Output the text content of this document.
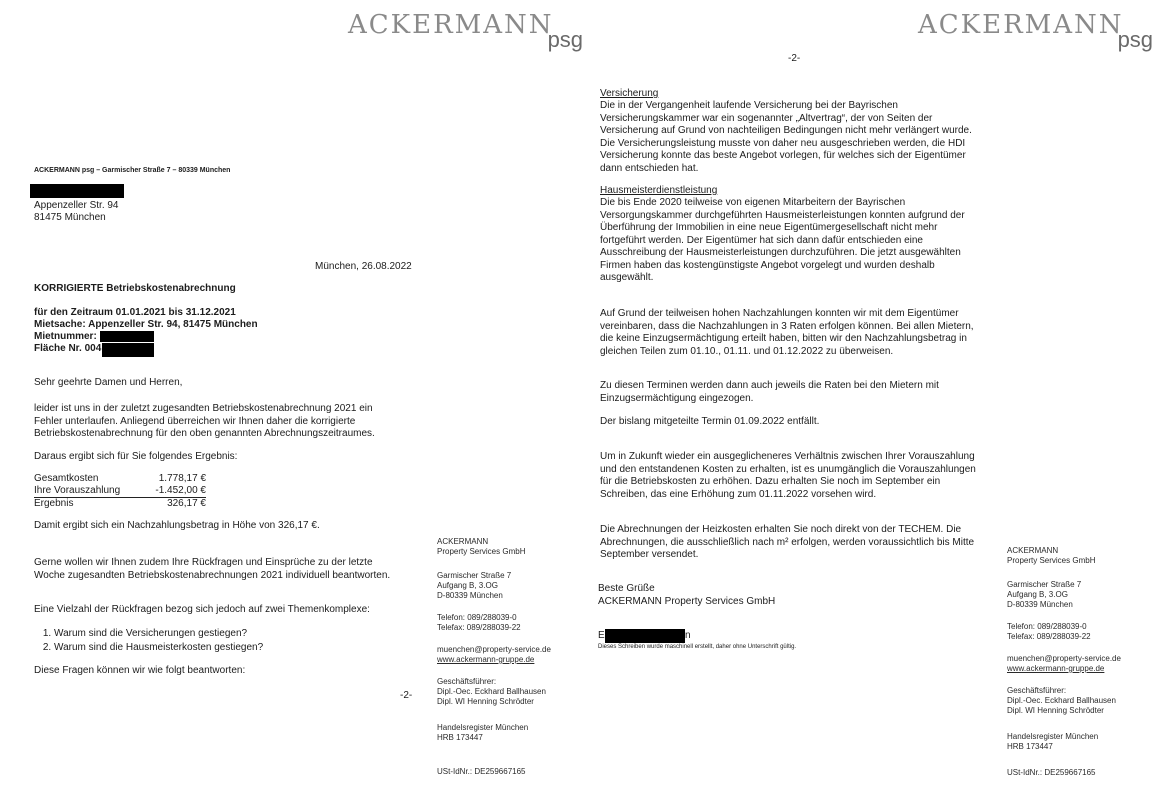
$ACKERMANN_{psg}$	$ACKERMANN_{psg}$
ACKERMANN psg – Garmischer Straße 7 – 80339 München
Appenzeller Str. 94
81475 München
München, 26.08.2022
KORRIGIERTE Betriebskostenabrechnung
für den Zeitraum 01.01.2021 bis 31.12.2021
Mietsache: Appenzeller Str. 94, 81475 München
Mietnummer:
Fläche Nr. 004
Sehr geehrte Damen und Herren,

leider ist uns in der zuletzt zugesandten Betriebskostenabrechnung 2021 ein Fehler unterlaufen. Anliegend überreichen wir Ihnen daher die korrigierte Betriebskostenabrechnung für den oben genannten Abrechnungszeitraumes.

Daraus ergibt sich für Sie folgendes Ergebnis:
Gesamtkosten	1.778,17 €
Ihre Vorauszahlung	-1.452,00 €
Ergebnis	326,17 €
Damit ergibt sich ein Nachzahlungsbetrag in Höhe von 326,17 €.

Gerne wollen wir Ihnen zudem Ihre Rückfragen und Einsprüche zu der letzte Woche zugesandten Betriebskostenabrechnungen 2021 individuell beantworten.

Eine Vielzahl der Rückfragen bezog sich jedoch auf zwei Themenkomplexe:
1. Warum sind die Versicherungen gestiegen?
2. Warum sind die Hausmeisterkosten gestiegen?
Diese Fragen können wir wie folgt beantworten:
-2-
ACKERMANN
Property Services GmbH
Garmischer Straße 7
Aufgang B, 3.OG
D-80339 München
Telefon: 089/288039-0
Telefax: 089/288039-22
muenchen@property-service.de
www.ackermann-gruppe.de
Geschäftsführer:
Dipl.-Oec. Eckhard Ballhausen
Dipl. WI Henning Schrödter
Handelsregister München
HRB 173447
USt-IdNr.: DE259667165
-2-
Versicherung

Die in der Vergangenheit laufende Versicherung bei der Bayrischen Versicherungskammer war ein sogenannter „Altvertrag“, der von Seiten der Versicherung auf Grund von nachteiligen Bedingungen nicht mehr verlängert wurde. Die Versicherungsleistung musste von daher neu ausgeschrieben werden, die HDI Versicherung konnte das beste Angebot vorlegen, für welches sich der Eigentümer dann entschieden hat.

Hausmeisterdienstleistung

Die bis Ende 2020 teilweise von eigenen Mitarbeitern der Bayrischen Versorgungskammer durchgeführten Hausmeisterleistungen konnten aufgrund der Überführung der Immobilien in eine neue Eigentümergesellschaft nicht mehr fortgeführt werden. Der Eigentümer hat sich dann dafür entschieden eine Ausschreibung der Hausmeisterleistungen durchzuführen. Die jetzt ausgewählten Firmen haben das kostengünstigste Angebot vorgelegt und wurden deshalb ausgewählt.

Auf Grund der teilweisen hohen Nachzahlungen konnten wir mit dem Eigentümer vereinbaren, dass die Nachzahlungen in 3 Raten erfolgen können. Bei allen Mietern, die keine Einzugsermächtigung erteilt haben, bitten wir den Nachzahlungsbetrag in gleichen Teilen zum 01.10., 01.11. und 01.12.2022 zu überweisen.

Zu diesen Terminen werden dann auch jeweils die Raten bei den Mietern mit Einzugsermächtigung eingezogen.

Der bislang mitgeteilte Termin 01.09.2022 entfällt.

Um in Zukunft wieder ein ausgeglicheneres Verhältnis zwischen Ihrer Vorauszahlung und den entstandenen Kosten zu erhalten, ist es unumgänglich die Vorauszahlungen für die Betriebskosten zu erhöhen. Dazu erhalten Sie noch im September ein Schreiben, das eine Erhöhung zum 01.11.2022 vorsehen wird.

Die Abrechnungen der Heizkosten erhalten Sie noch direkt von der TECHEM. Die Abrechnungen, die ausschließlich nach m² erfolgen, werden voraussichtlich bis Mitte September versendet.

Beste Grüße
ACKERMANN Property Services GmbH
E	n
Dieses Schreiben wurde maschinell erstellt, daher ohne Unterschrift gültig.
ACKERMANN
Property Services GmbH
Garmischer Straße 7
Aufgang B, 3.OG
D-80339 München
Telefon: 089/288039-0
Telefax: 089/288039-22
muenchen@property-service.de
www.ackermann-gruppe.de
Geschäftsführer:
Dipl.-Oec. Eckhard Ballhausen
Dipl. WI Henning Schrödter
Handelsregister München
HRB 173447
USt-IdNr.: DE259667165
